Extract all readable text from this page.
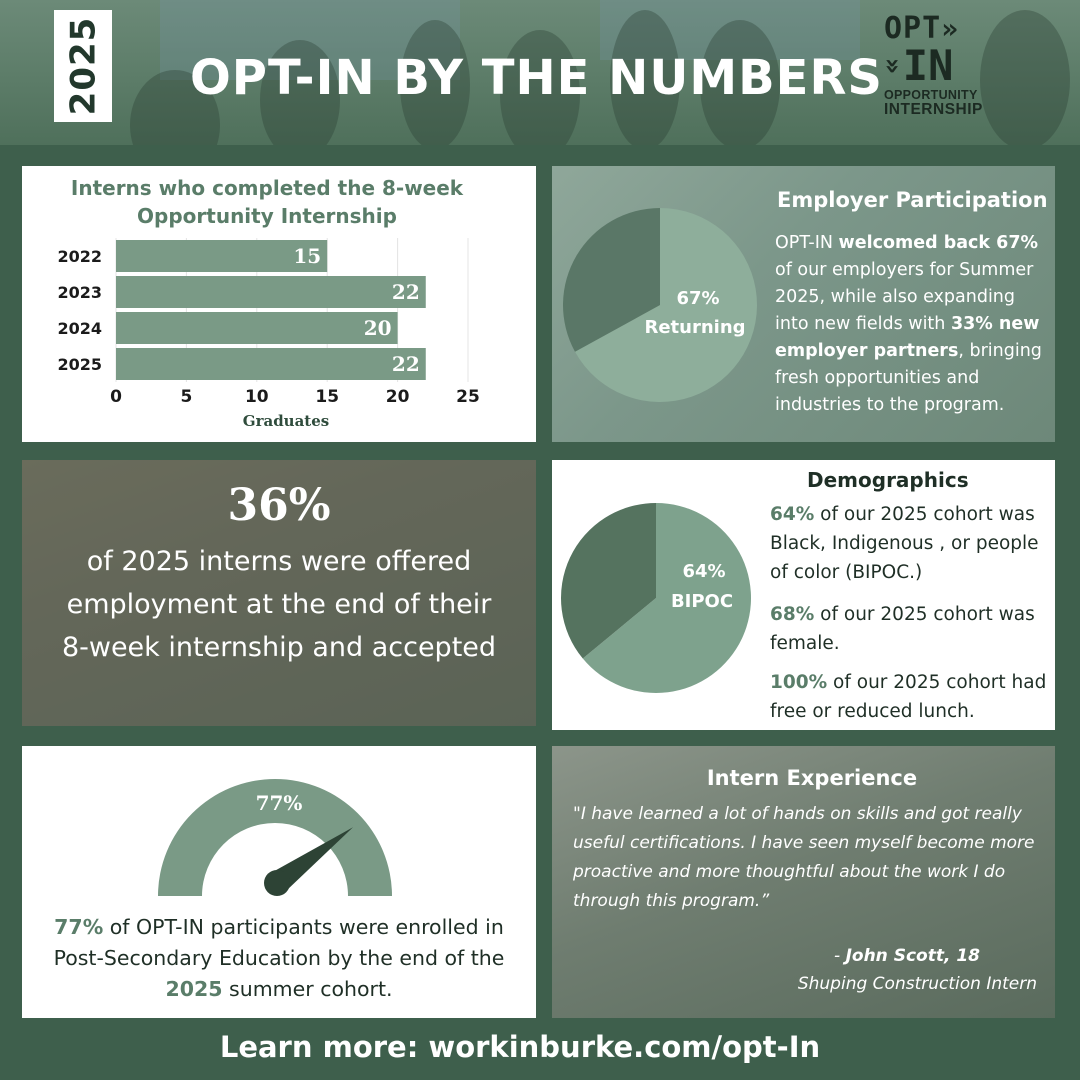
2025 OPT-IN BY THE NUMBERS
OPT»
»
IN
OPPORTUNITY
INTERNSHIP
Interns who completed the 8-week Opportunity Internship
0	5	10	15	20	25
15
2022
22
2023
20
2024
22
2025
Graduates
67%
Returning
Employer Participation
OPT-IN welcomed back 67% of our employers for Summer 2025, while also expanding into new fields with 33% new employer partners, bringing fresh opportunities and industries to the program.
36%
of 2025 interns were offered employment at the end of their 8-week internship and accepted
64%
BIPOC
Demographics
64% of our 2025 cohort was Black, Indigenous , or people of color (BIPOC.)
68% of our 2025 cohort was female.
100% of our 2025 cohort had free or reduced lunch.
77%
77% of OPT-IN participants were enrolled in Post-Secondary Education by the end of the 2025 summer cohort.
Intern Experience
"I have learned a lot of hands on skills and got really useful certifications. I have seen myself become more proactive and more thoughtful about the work I do through this program.”
- John Scott, 18
Shuping Construction Intern
Learn more: workinburke.com/opt-In
